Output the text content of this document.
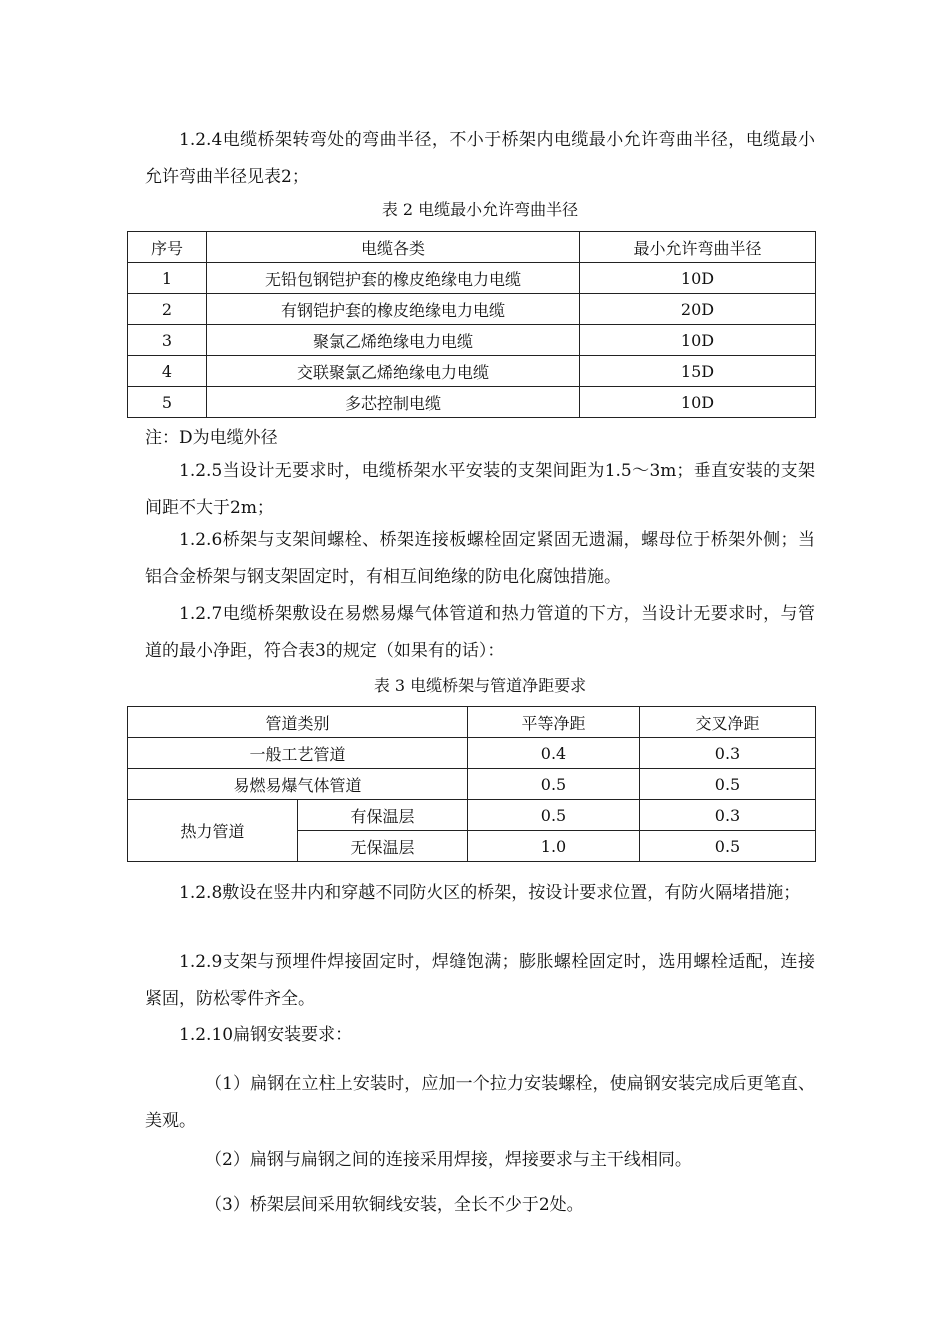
1.2.4电缆桥架转弯处的弯曲半径，不小于桥架内电缆最小允许弯曲半径，电缆最小允许弯曲半径见表2；

表 2 电缆最小允许弯曲半径

序号	电缆各类	最小允许弯曲半径
1	无铅包钢铠护套的橡皮绝缘电力电缆	10D
2	有钢铠护套的橡皮绝缘电力电缆	20D
3	聚氯乙烯绝缘电力电缆	10D
4	交联聚氯乙烯绝缘电力电缆	15D
5	多芯控制电缆	10D

注：D为电缆外径

1.2.5当设计无要求时，电缆桥架水平安装的支架间距为1.5～3m；垂直安装的支架间距不大于2m；

1.2.6桥架与支架间螺栓、桥架连接板螺栓固定紧固无遗漏，螺母位于桥架外侧；当铝合金桥架与钢支架固定时，有相互间绝缘的防电化腐蚀措施。

1.2.7电缆桥架敷设在易燃易爆气体管道和热力管道的下方，当设计无要求时，与管道的最小净距，符合表3的规定（如果有的话）：

表 3 电缆桥架与管道净距要求

管道类别		平等净距	交叉净距
一般工艺管道		0.4	0.3
易燃易爆气体管道		0.5	0.5
热力管道	有保温层	0.5	0.3
	无保温层	1.0	0.5

1.2.8敷设在竖井内和穿越不同防火区的桥架，按设计要求位置，有防火隔堵措施；

1.2.9支架与预埋件焊接固定时，焊缝饱满；膨胀螺栓固定时，选用螺栓适配，连接紧固，防松零件齐全。

1.2.10扁钢安装要求：

（1）扁钢在立柱上安装时，应加一个拉力安装螺栓，使扁钢安装完成后更笔直、美观。

（2）扁钢与扁钢之间的连接采用焊接，焊接要求与主干线相同。

（3）桥架层间采用软铜线安装，全长不少于2处。
